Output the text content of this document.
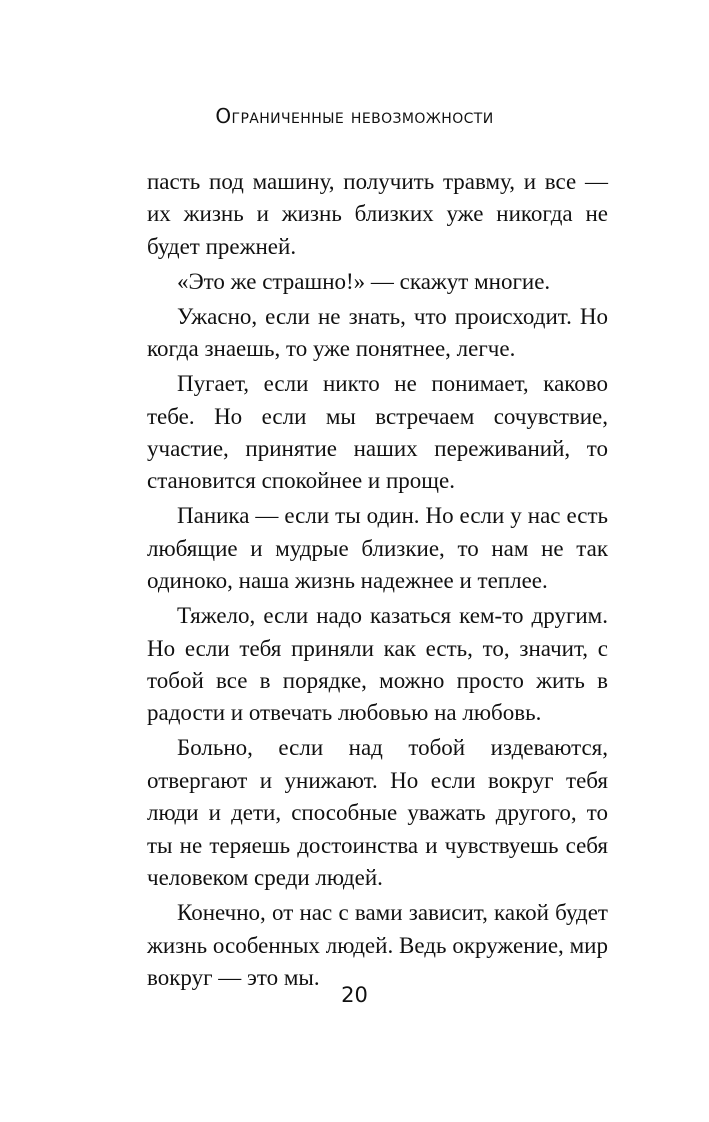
Ограниченные невозможности

пасть под машину, получить травму, и все — их жизнь и жизнь близких уже никогда не будет прежней.

«Это же страшно!» — скажут многие.

Ужасно, если не знать, что происходит. Но когда знаешь, то уже понятнее, легче.

Пугает, если никто не понимает, каково тебе. Но если мы встречаем сочувствие, участие, принятие наших переживаний, то становится спокойнее и проще.

Паника — если ты один. Но если у нас есть любящие и мудрые близкие, то нам не так одиноко, наша жизнь надежнее и теплее.

Тяжело, если надо казаться кем-то другим. Но если тебя приняли как есть, то, значит, с тобой все в порядке, можно просто жить в радости и отвечать любовью на любовь.

Больно, если над тобой издеваются, отвергают и унижают. Но если вокруг тебя люди и дети, способные уважать другого, то ты не теряешь достоинства и чувствуешь себя человеком среди людей.

Конечно, от нас с вами зависит, какой будет жизнь особенных людей. Ведь окружение, мир вокруг — это мы.

20
